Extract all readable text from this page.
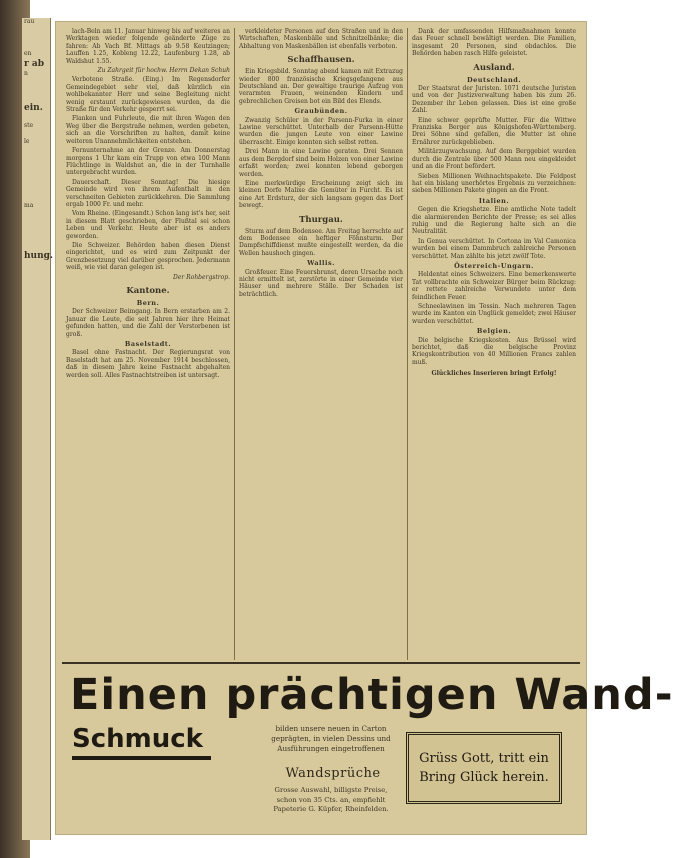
rau

en
r ab
n

ein.

ste

le

ma

hung.

lach-Beln am 11. Januar hinweg bis auf weiteres an Werktagen wieder folgende geänderte Züge zu fahren: Ab Vach Bf. Mittags ab 9.58 Keutzingen; Lauffen 1.25, Kobleng 12.22, Laufenburg 1.28, ab Waldshut 1.55.

Zu Zahrgeit für hochw. Herrn Dekan Schuh

Verbotene Straße. (Eing.) Im Regensdorfer Gemeindegebiet sehr viel, daß kürzlich ein wohlbekannter Herr und seine Begleitung nicht wenig erstaunt zurückgewiesen wurden, da die Straße für den Verkehr gesperrt sei.

Flanken und Fuhrleute, die mit ihren Wagen den Weg über die Bergstraße nehmen, werden gebeten, sich an die Vorschriften zu halten, damit keine weiteren Unannehmlichkeiten entstehen.

Fernunternahme an der Grenze. Am Donnerstag morgens 1 Uhr kam ein Trupp von etwa 100 Mann Flüchtlinge in Waldshut an, die in der Turnhalle untergebracht wurden.

Dauerschaft. Dieser Sonntag! Die hiesige Gemeinde wird von ihrem Aufenthalt in den verschneiten Gebieten zurückkehren. Die Sammlung ergab 1000 Fr. und mehr.

Vom Rheine. (Eingesandt.) Schon lang ist's her, seit in diesem Blatt geschrieben, der Flußtal sei schon Leben und Verkehr. Heute aber ist es anders geworden.

Die Schweizer. Behörden haben diesen Dienst eingerichtet, und es wird zum Zeitpunkt der Grenzbesetzung viel darüber gesprochen. Jedermann weiß, wie viel daran gelegen ist.

Der Rohbergstrop.
Kantone.
Bern.

Der Schweizer Beimgang. In Bern erstarben am 2. Januar die Leute, die seit Jahren hier ihre Heimat gefunden hatten, und die Zahl der Verstorbenen ist groß.

Baselstadt.

Basel ohne Fastnacht. Der Regierungsrat von Baselstadt hat am 25. November 1914 beschlossen, daß in diesem Jahre keine Fastnacht abgehalten werden soll. Alles Fastnachtstreiben ist untersagt.

verkleideter Personen auf den Straßen und in den Wirtschaften, Maskenbälle und Schnitzelbänke; die Abhaltung von Maskenbällen ist ebenfalls verboten.

Schaffhausen.

Ein Kriegsbild. Sonntag abend kamen mit Extrazug wieder 800 französische Kriegsgefangene aus Deutschland an. Der gewaltige traurige Aufzug von verarmten Frauen, weinenden Kindern und gebrechlichen Greisen bot ein Bild des Elends.

Graubünden.

Zwanzig Schüler in der Parsenn-Furka in einer Lawine verschüttet. Unterhalb der Parsenn-Hütte wurden die jungen Leute von einer Lawine überrascht. Einige konnten sich selbst retten.

Drei Mann in eine Lawine geraten. Drei Sennen aus dem Bergdorf sind beim Holzen von einer Lawine erfaßt worden; zwei konnten lebend geborgen werden.

Eine merkwürdige Erscheinung zeigt sich im kleinen Dorfe Malixe die Gemüter in Furcht. Es ist eine Art Erdsturz, der sich langsam gegen das Dorf bewegt.

Thurgau.

Sturm auf dem Bodensee. Am Freitag herrschte auf dem Bodensee ein heftiger Föhnsturm. Der Dampfschiffdienst mußte eingestellt werden, da die Wellen haushoch gingen.

Wallis.

Großfeuer. Eine Feuersbrunst, deren Ursache noch nicht ermittelt ist, zerstörte in einer Gemeinde vier Häuser und mehrere Ställe. Der Schaden ist beträchtlich.

Dank der umfassenden Hilfsmaßnahmen konnte das Feuer schnell bewältigt werden. Die Familien, insgesamt 20 Personen, sind obdachlos. Die Behörden haben rasch Hilfe geleistet.

Ausland.
Deutschland.

Der Staatsrat der Juristen. 1071 deutsche Juristen und von der Justizverwaltung haben bis zum 26. Dezember ihr Leben gelassen. Dies ist eine große Zahl.

Eine schwer geprüfte Mutter. Für die Wittwe Franziska Berger aus Königshofen-Württemberg. Drei Söhne sind gefallen, die Mutter ist ohne Ernährer zurückgeblieben.

Militärzugwachsung. Auf dem Berggebiet wurden durch die Zentrale über 500 Mann neu eingekleidet und an die Front befördert.

Sieben Millionen Weihnachtspakete. Die Feldpost hat ein bislang unerhörtes Ergebnis zu verzeichnen: sieben Millionen Pakete gingen an die Front.

Italien.

Gegen die Kriegshetze. Eine amtliche Note tadelt die alarmierenden Berichte der Presse; es sei alles ruhig und die Regierung halte sich an die Neutralität.

In Genua verschüttet. In Cortona im Val Camonica wurden bei einem Dammbruch zahlreiche Personen verschüttet. Man zählte bis jetzt zwölf Tote.

Österreich-Ungarn.

Heldentat eines Schweizers. Eine bemerkenswerte Tat vollbrachte ein Schweizer Bürger beim Rückzug: er rettete zahlreiche Verwundete unter dem feindlichen Feuer.

Schneelawinen im Tessin. Nach mehreren Tagen wurde im Kanton ein Unglück gemeldet; zwei Häuser wurden verschüttet.

Belgien.

Die belgische Kriegskosten. Aus Brüssel wird berichtet, daß die belgische Provinz Kriegskontribution von 40 Millionen Francs zahlen muß.

Glückliches Inserieren bringt Erfolg!
Einen prächtigen Wand-
Schmuck	bilden unsere neuen in Carton geprägten, in vielen Dessins und Ausführungen eingetroffenen
Wandsprüche
Grosse Auswahl, billigste Preise, schon von 35 Cts. an, empfiehlt Papeterie G. Küpfer, Rheinfelden.
Grüss Gott, tritt ein
Bring Glück herein.
